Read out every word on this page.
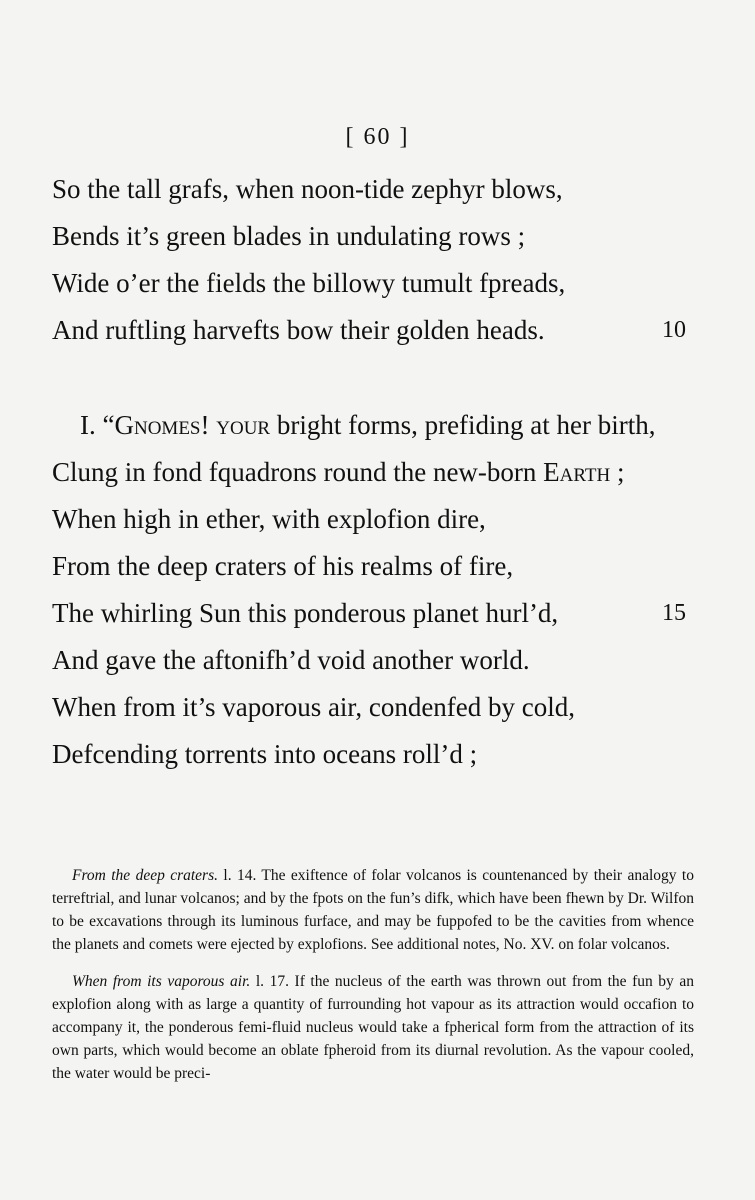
[ 60 ]
So the tall grafs, when noon-tide zephyr blows,
Bends it’s green blades in undulating rows ;
Wide o’er the fields the billowy tumult fpreads,
And ruftling harvefts bow their golden heads.	10
I. “Gnomes! your bright forms, prefiding at her birth,
Clung in fond fquadrons round the new-born Earth ;
When high in ether, with explofion dire,
From the deep craters of his realms of fire,
The whirling Sun this ponderous planet hurl’d,	15
And gave the aftonifh’d void another world.
When from it’s vaporous air, condenfed by cold,
Defcending torrents into oceans roll’d ;

From the deep craters. l. 14. The exiftence of folar volcanos is countenanced by their analogy to terreftrial, and lunar volcanos; and by the fpots on the fun’s difk, which have been fhewn by Dr. Wilfon to be excavations through its luminous furface, and may be fuppofed to be the cavities from whence the planets and comets were ejected by explofions. See additional notes, No. XV. on folar volcanos.

When from its vaporous air. l. 17. If the nucleus of the earth was thrown out from the fun by an explofion along with as large a quantity of furrounding hot vapour as its attraction would occafion to accompany it, the ponderous femi-fluid nucleus would take a fpherical form from the attraction of its own parts, which would become an oblate fpheroid from its diurnal revolution. As the vapour cooled, the water would be preci-
